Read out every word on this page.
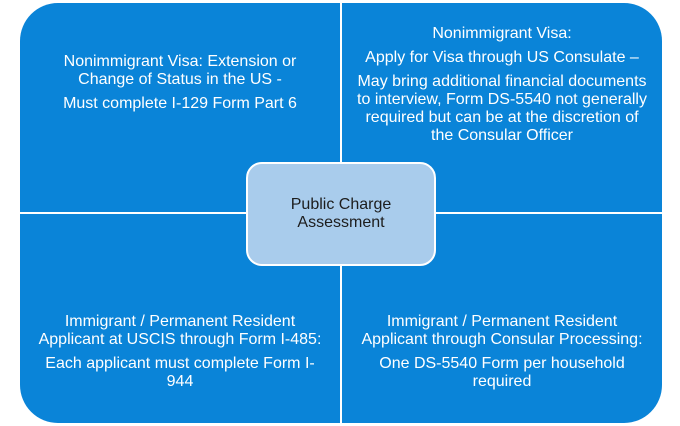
Nonimmigrant Visa: Extension or Change of Status in the US -

Must complete I-129 Form Part 6

Nonimmigrant Visa:

Apply for Visa through US Consulate –

May bring additional financial documents to interview, Form DS-5540 not generally required but can be at the discretion of the Consular Officer

Immigrant / Permanent Resident Applicant at USCIS through Form I-485:

Each applicant must complete Form I-944

Immigrant / Permanent Resident Applicant through Consular Processing:

One DS-5540 Form per household required

Public Charge Assessment
